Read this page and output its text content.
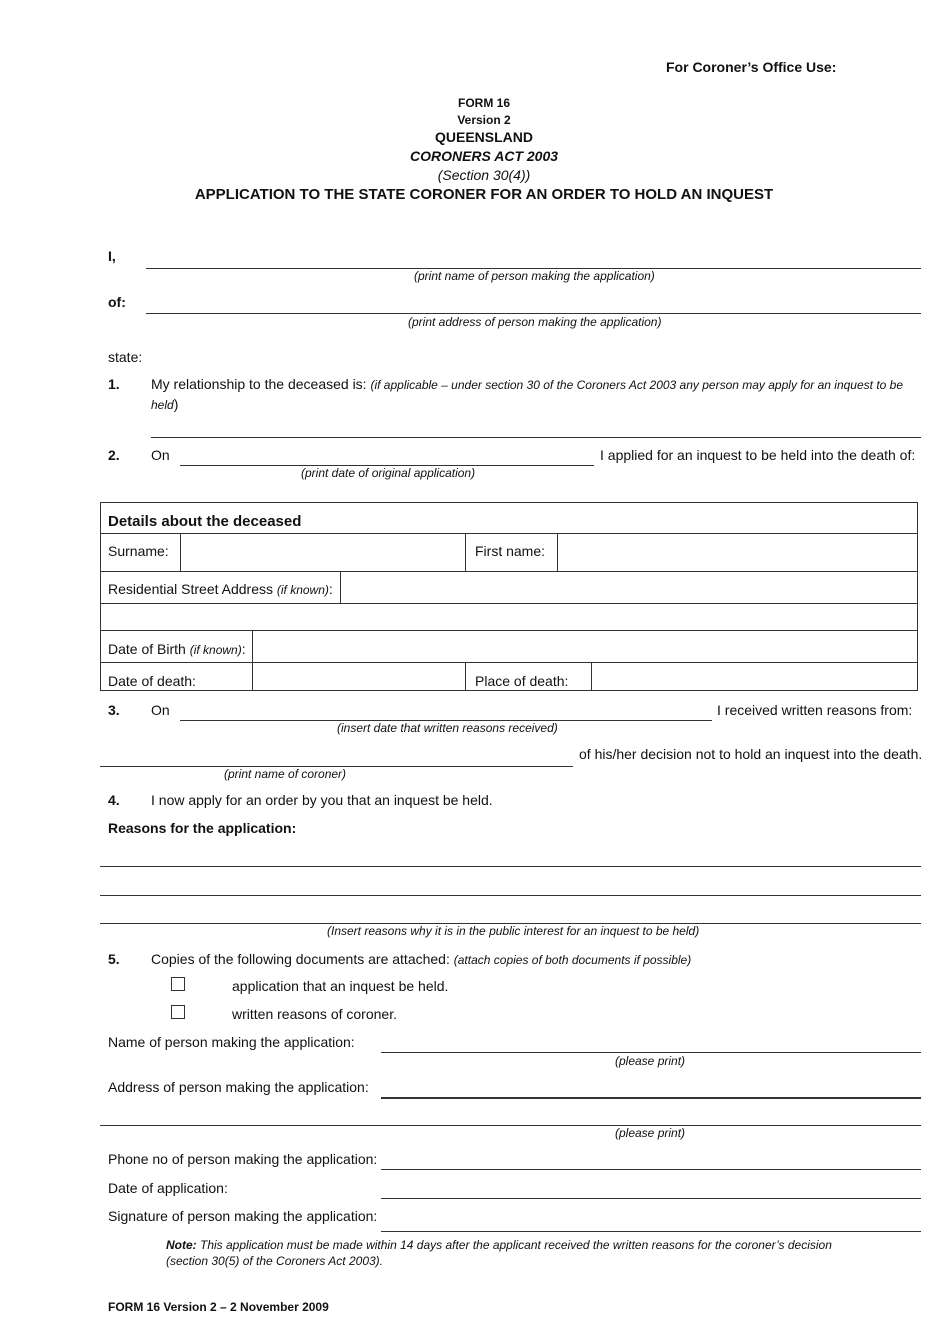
For Coroner’s Office Use:
FORM 16
Version 2
QUEENSLAND
CORONERS ACT 2003
(Section 30(4))
APPLICATION TO THE STATE CORONER FOR AN ORDER TO HOLD AN INQUEST
I,
(print name of person making the application)
of:
(print address of person making the application)
state:
1. My relationship to the deceased is: (if applicable – under section 30 of the Coroners Act 2003 any person may apply for an inquest to be
held)
2. On	I applied for an inquest to be held into the death of:
(print date of original application)
Details about the deceased
Surname:	First name:
Residential Street Address (if known):
Date of Birth (if known):
Date of death:	Place of death:
3. On	I received written reasons from:
(insert date that written reasons received)
of his/her decision not to hold an inquest into the death.
(print name of coroner)
4. I now apply for an order by you that an inquest be held.
Reasons for the application:
(Insert reasons why it is in the public interest for an inquest to be held)
5. Copies of the following documents are attached: (attach copies of both documents if possible)
application that an inquest be held.
written reasons of coroner.
Name of person making the application:
(please print)
Address of person making the application:
(please print)
Phone no of person making the application:
Date of application:
Signature of person making the application:
Note: This application must be made within 14 days after the applicant received the written reasons for the coroner’s decision
(section 30(5) of the Coroners Act 2003).
FORM 16 Version 2 – 2 November 2009
